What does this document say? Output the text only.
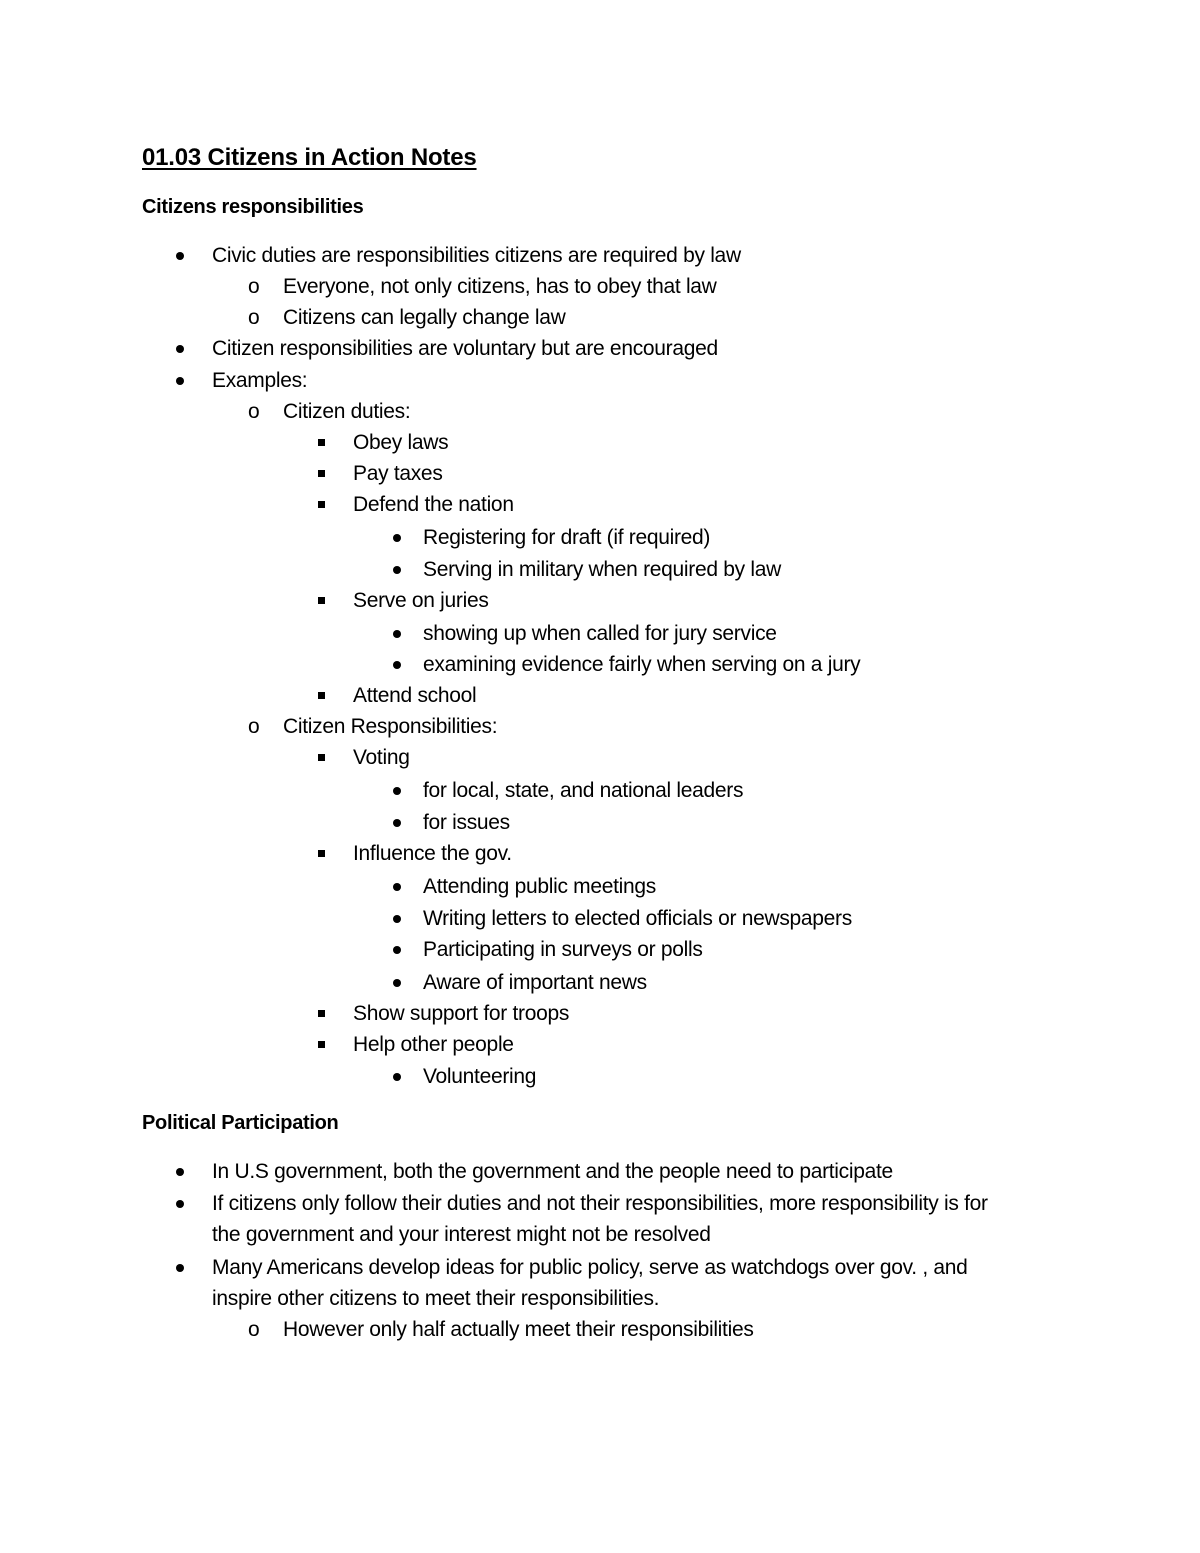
01.03 Citizens in Action Notes
Citizens responsibilities
Civic duties are responsibilities citizens are required by law
o Everyone, not only citizens, has to obey that law
o Citizens can legally change law
Citizen responsibilities are voluntary but are encouraged
Examples:
o Citizen duties:
Obey laws
Pay taxes
Defend the nation
Registering for draft (if required)
Serving in military when required by law
Serve on juries
showing up when called for jury service
examining evidence fairly when serving on a jury
Attend school
o Citizen Responsibilities:
Voting
for local, state, and national leaders
for issues
Influence the gov.
Attending public meetings
Writing letters to elected officials or newspapers
Participating in surveys or polls
Aware of important news
Show support for troops
Help other people
Volunteering
Political Participation
In U.S government, both the government and the people need to participate
If citizens only follow their duties and not their responsibilities, more responsibility is for
the government and your interest might not be resolved
Many Americans develop ideas for public policy, serve as watchdogs over gov. , and
inspire other citizens to meet their responsibilities.
o However only half actually meet their responsibilities
